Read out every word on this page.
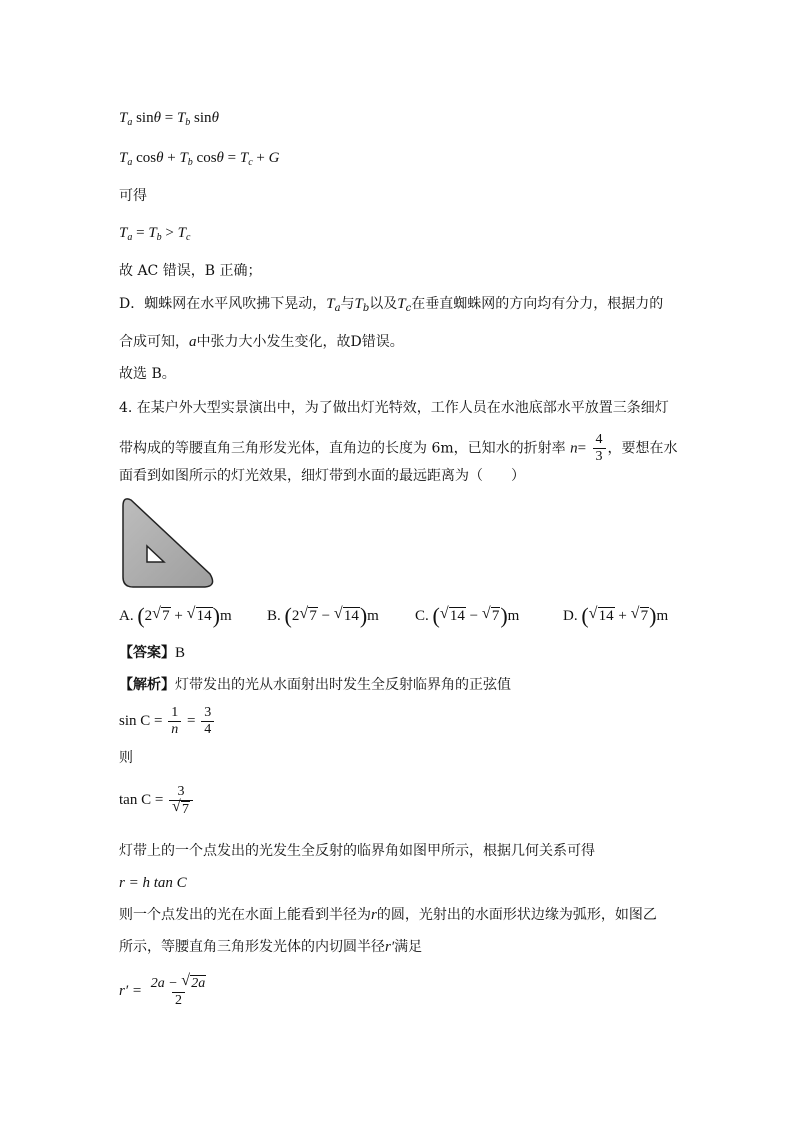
$T_a$ $\sin\theta = T_b$ sinθ
$T_a$ $\cos\theta + T_b$ $\cos\theta = T_c + G$
可得
$T_a = T_b > T_c$
故 AC 错误，B 正确；
D．蜘蛛网在水平风吹拂下晃动，$T_a$与$T_b$以及$T_c$在垂直蜘蛛网的方向均有分力，根据力的
合成可知，a中张力大小发生变化，故D错误。
故选 B。
4. 在某户外大型实景演出中，为了做出灯光特效，工作人员在水池底部水平放置三条细灯
带构成的等腰直角三角形发光体，直角边的长度为 6m，已知水的折射率 $n= \frac{4}{3}$ ，要想在水
面看到如图所示的灯光效果，细灯带到水面的最远距离为（　　）
A. (2 √ 7 + √ 14)m B. (2 √ 7 − √ 14)m C. ( √ 14 − √ 7)m	D. ( √ 14 + √ 7)m
【答案】B
【解析】灯带发出的光从水面射出时发生全反射临界角的正弦值
$\sin C = \frac{1}{n} = \frac{3}{4}$
则
$\tan C = \frac{3}{√ 7}$
灯带上的一个点发出的光发生全反射的临界角如图甲所示，根据几何关系可得
r = h tan C
则一个点发出的光在水面上能看到半径为r的圆，光射出的水面形状边缘为弧形，如图乙
所示，等腰直角三角形发光体的内切圆半径r′满足
$r' = \frac{2a - √ 2a}{2}$
